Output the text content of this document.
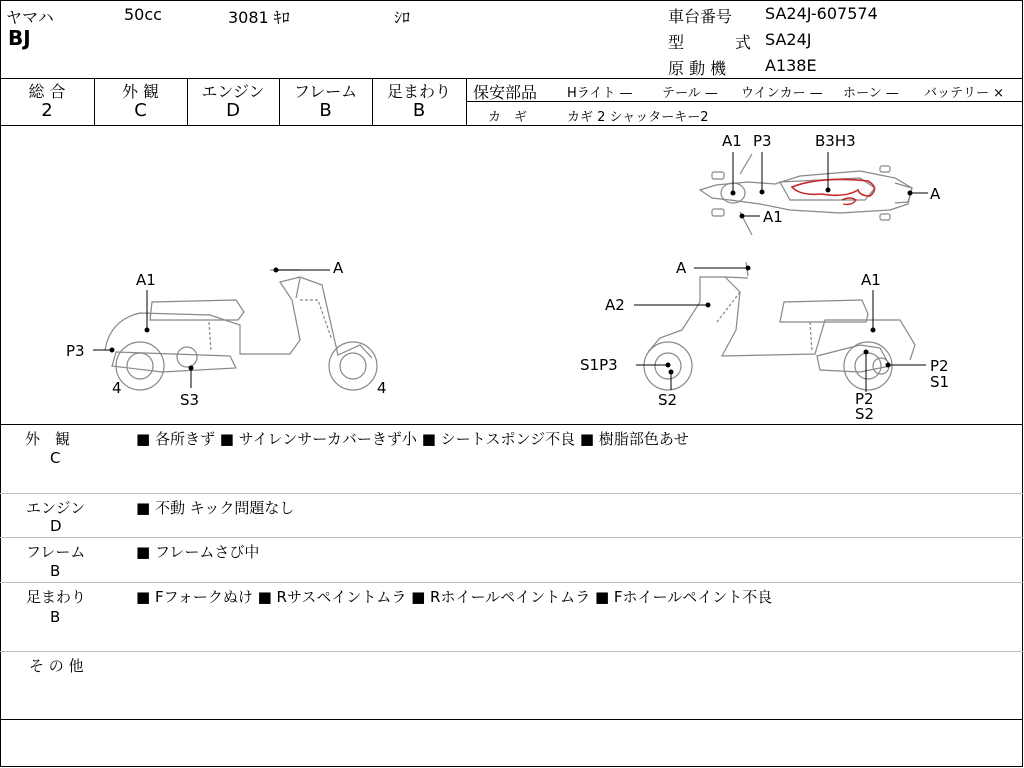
ヤマハ	50cc	3081 ｷﾛ	ｼﾛ
BJ
車台番号 SA24J-607574
型	式 SA24J
原 動 機 A138E
総 合
2
外 観
C
エンジン
D
フレーム
B
足まわり
B
保安部品 Hライト — テール — ウインカー — ホーン — バッテリー ×
カ　ギ	カギ 2 シャッターキー2
A1 P3	B3H3
A
A1
A1
A
P3
4
S3
4
A
A1
A2
S1P3
S2
P2
S1
P2
S2
外　観
C
■ 各所きず ■ サイレンサーカバーきず小 ■ シートスポンジ不良 ■ 樹脂部色あせ
エンジン
D
■ 不動 キック問題なし
フレーム
B
■ フレームさび中
足まわり
B
■ Fフォークぬけ ■ Rサスペイントムラ ■ Rホイールペイントムラ ■ Fホイールペイント不良
そ の 他
